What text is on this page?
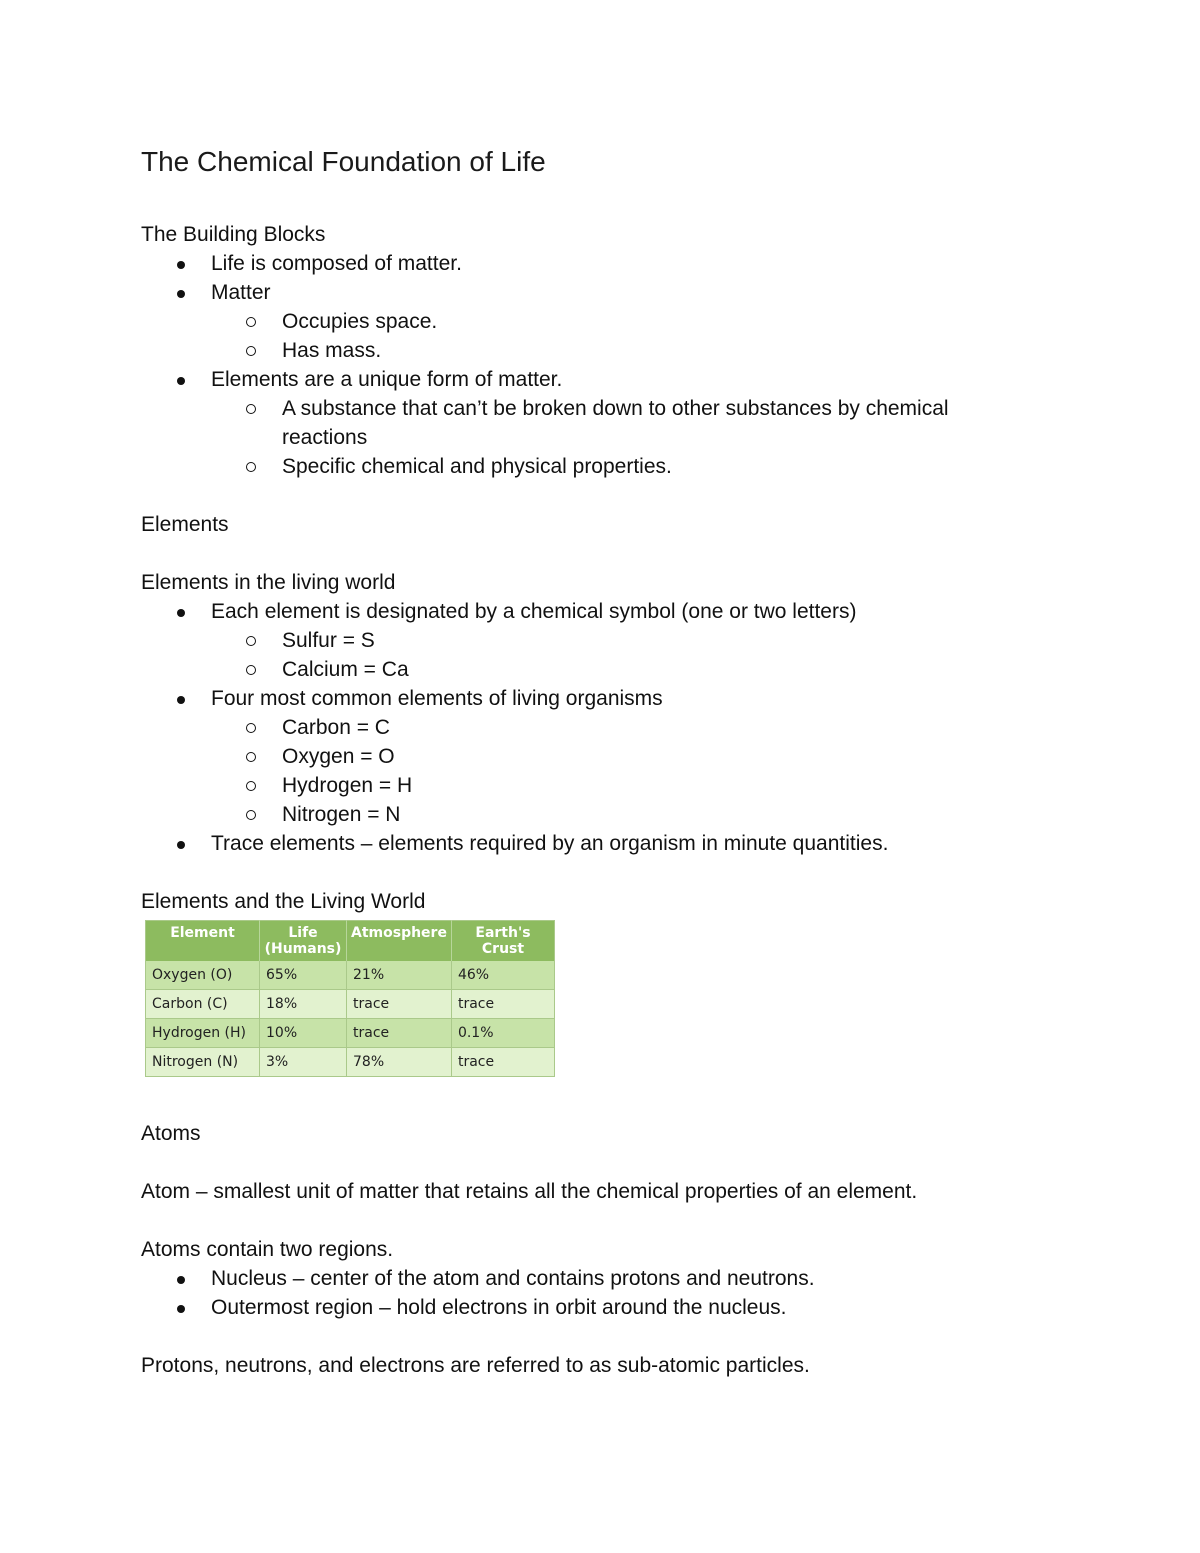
The Chemical Foundation of Life

The Building Blocks

Life is composed of matter.
Matter
Occupies space.
Has mass.
Elements are a unique form of matter.
A substance that can’t be broken down to other substances by chemical reactions
Specific chemical and physical properties.

Elements

Elements in the living world

Each element is designated by a chemical symbol (one or two letters)
Sulfur = S
Calcium = Ca
Four most common elements of living organisms
Carbon = C
Oxygen = O
Hydrogen = H
Nitrogen = N
Trace elements – elements required by an organism in minute quantities.

Elements and the Living World

Element	Life (Humans)	Atmosphere	Earth's Crust
Oxygen (O)	65%	21%	46%
Carbon (C)	18%	trace	trace
Hydrogen (H)	10%	trace	0.1%
Nitrogen (N)	3%	78%	trace

Atoms

Atom – smallest unit of matter that retains all the chemical properties of an element.

Atoms contain two regions.

Nucleus – center of the atom and contains protons and neutrons.
Outermost region – hold electrons in orbit around the nucleus.

Protons, neutrons, and electrons are referred to as sub-atomic particles.
